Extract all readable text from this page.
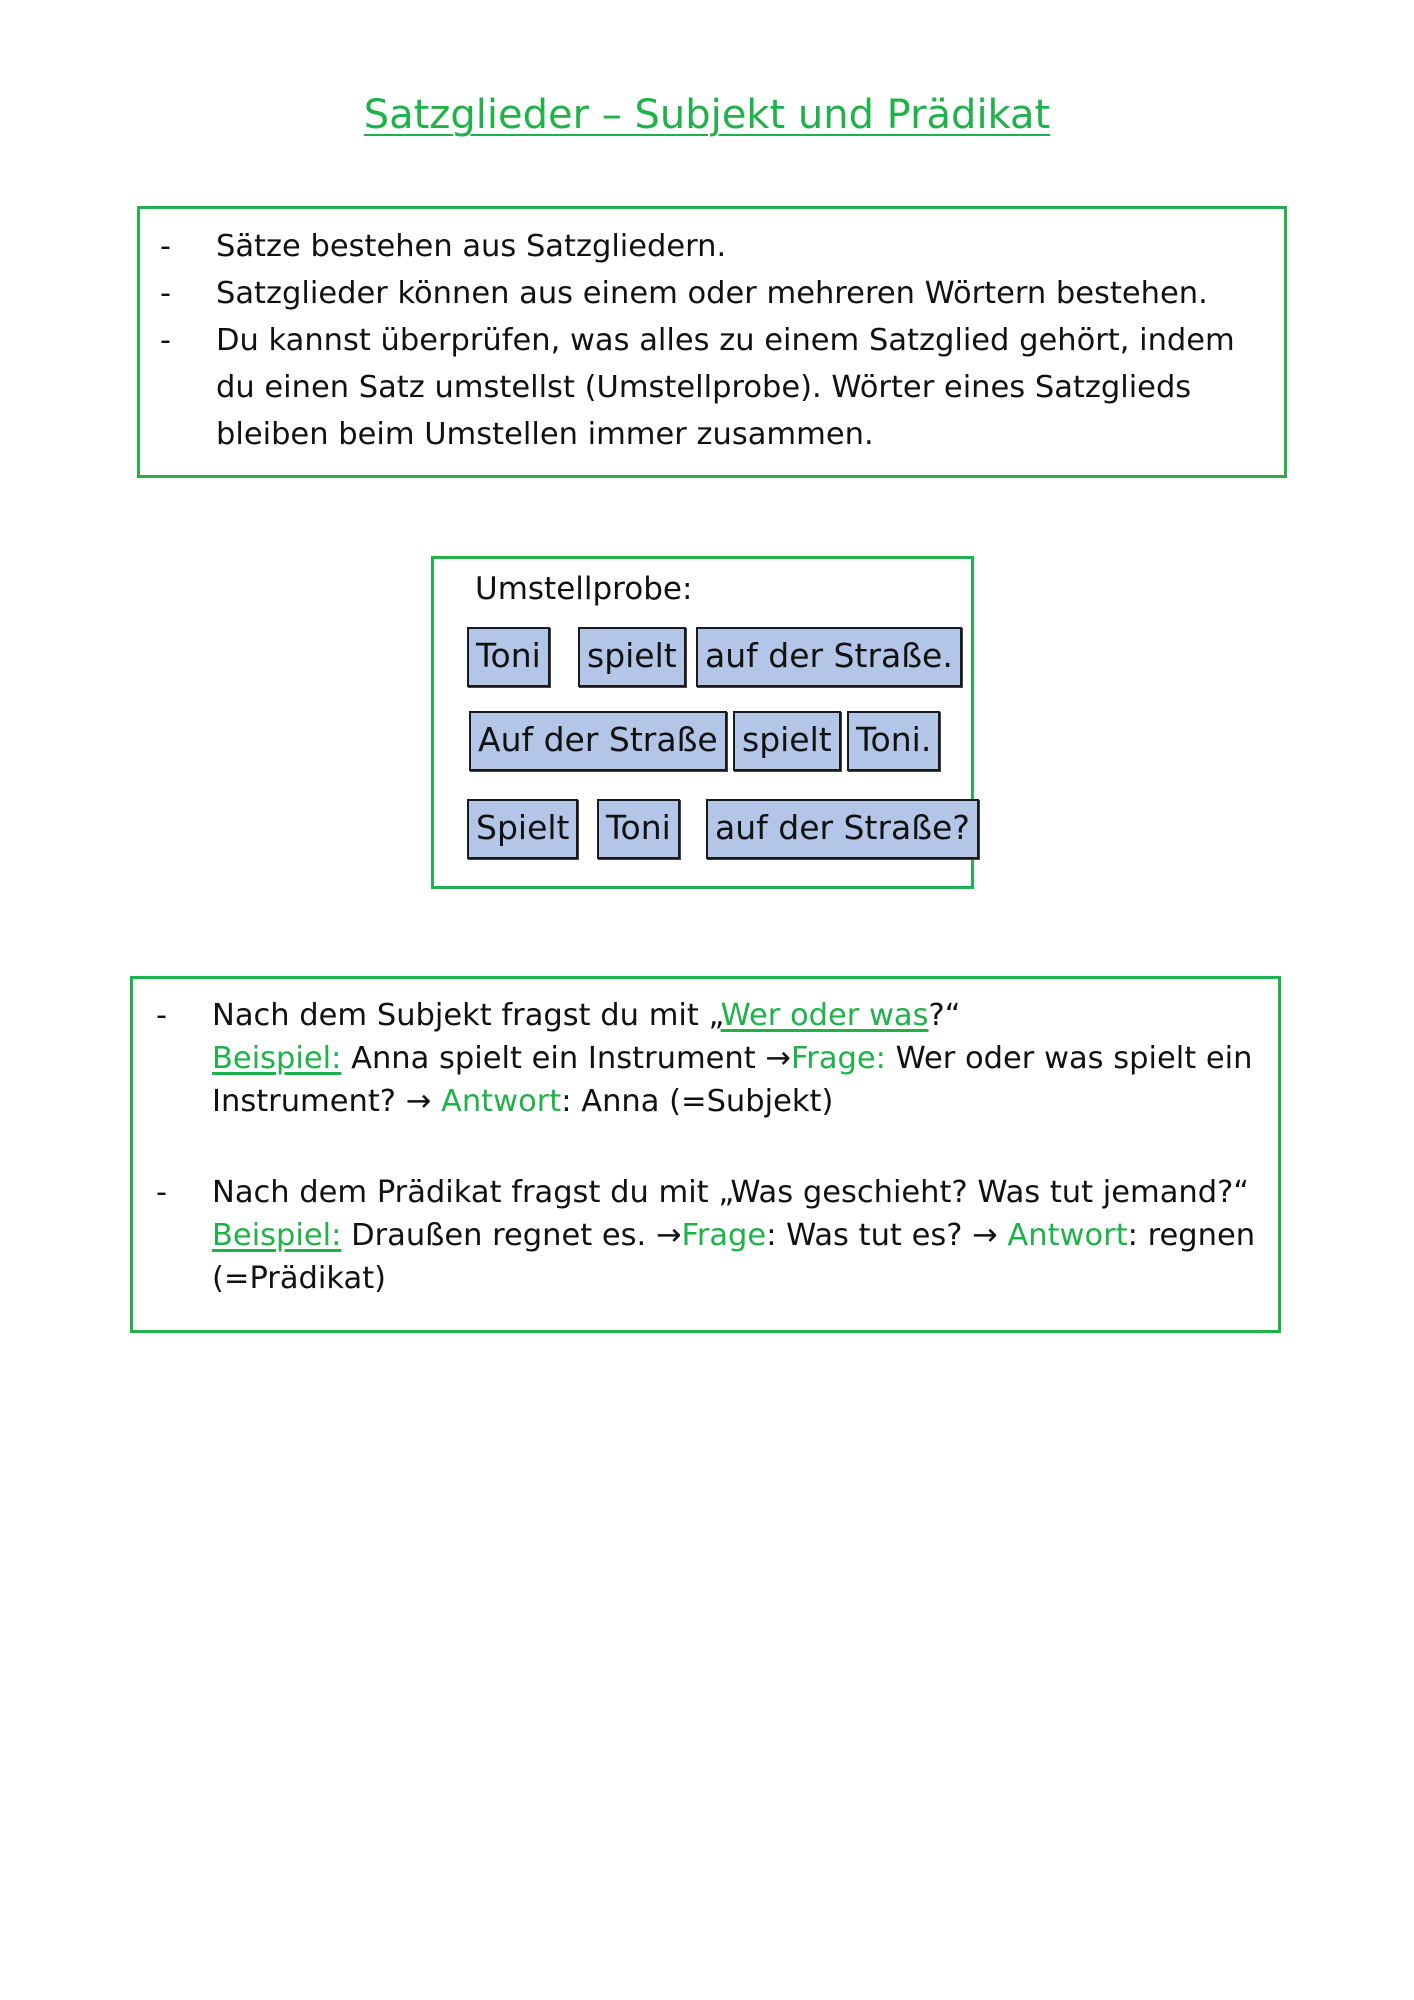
Satzglieder – Subjekt und Prädikat
- Sätze bestehen aus Satzgliedern.
- Satzglieder können aus einem oder mehreren Wörtern bestehen.
- Du kannst überprüfen, was alles zu einem Satzglied gehört, indem du einen Satz umstellst (Umstellprobe). Wörter eines Satzglieds bleiben beim Umstellen immer zusammen.
Umstellprobe:
Toni spielt auf der Straße.
Auf der Straße spielt Toni.
Spielt Toni auf der Straße?
- Nach dem Subjekt fragst du mit „Wer oder was?“
Beispiel: Anna spielt ein Instrument →Frage: Wer oder was spielt ein Instrument? → Antwort: Anna (=Subjekt)
- Nach dem Prädikat fragst du mit „Was geschieht? Was tut jemand?“
Beispiel: Draußen regnet es. →Frage: Was tut es? → Antwort: regnen (=Prädikat)
